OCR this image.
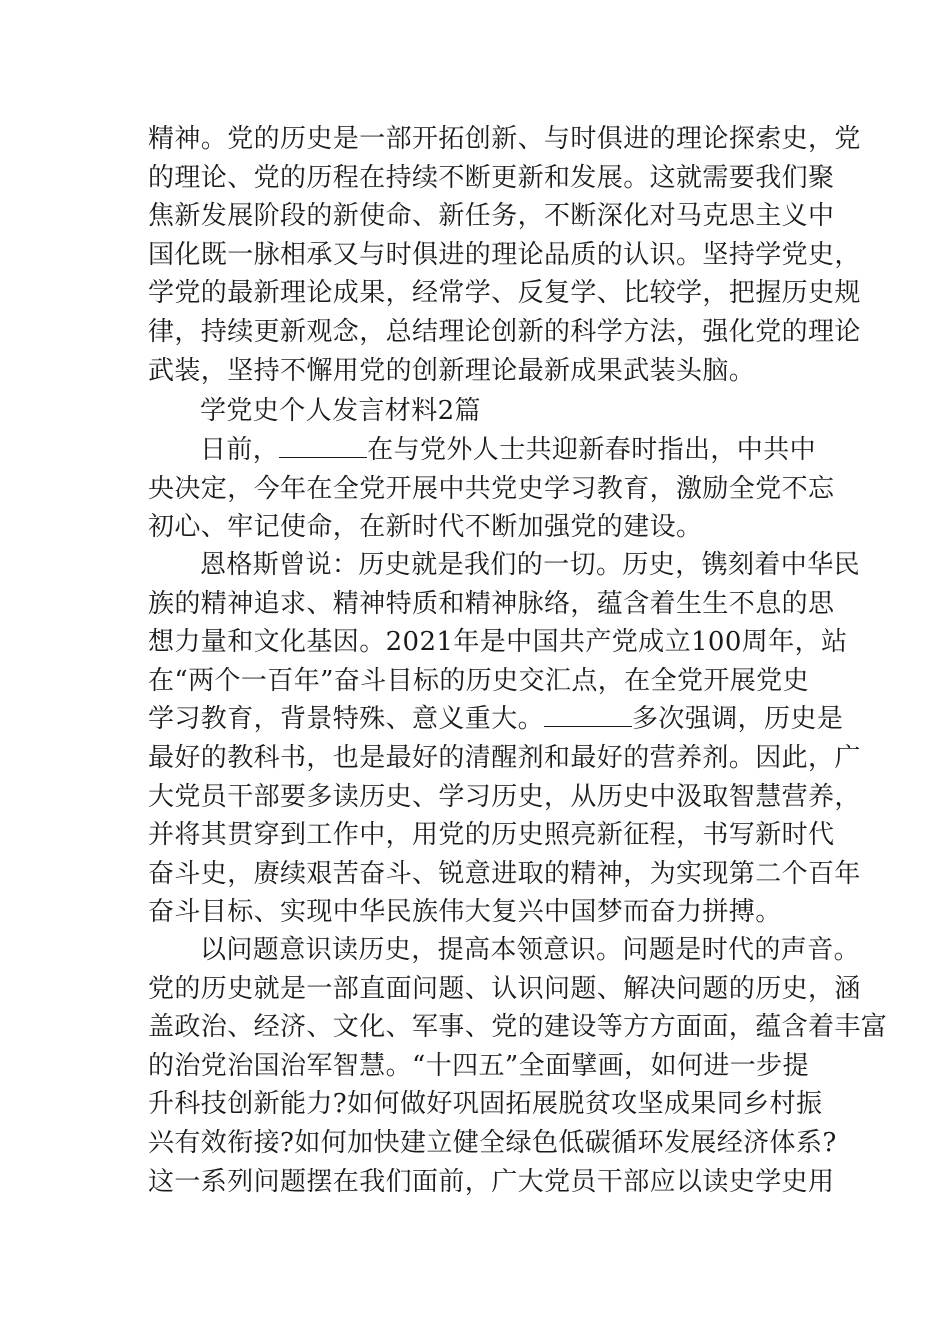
精神。党的历史是一部开拓创新、与时俱进的理论探索史，党
的理论、党的历程在持续不断更新和发展。这就需要我们聚
焦新发展阶段的新使命、新任务，不断深化对马克思主义中
国化既一脉相承又与时俱进的理论品质的认识。坚持学党史，
学党的最新理论成果，经常学、反复学、比较学，把握历史规
律，持续更新观念，总结理论创新的科学方法，强化党的理论
武装，坚持不懈用党的创新理论最新成果武装头脑。
学党史个人发言材料2篇
日前，	在与党外人士共迎新春时指出，中共中
央决定，今年在全党开展中共党史学习教育，激励全党不忘
初心、牢记使命，在新时代不断加强党的建设。
恩格斯曾说：历史就是我们的一切。历史，镌刻着中华民
族的精神追求、精神特质和精神脉络，蕴含着生生不息的思
想力量和文化基因。2021年是中国共产党成立100周年，站
在“两个一百年”奋斗目标的历史交汇点，在全党开展党史
学习教育，背景特殊、意义重大。	多次强调，历史是
最好的教科书，也是最好的清醒剂和最好的营养剂。因此，广
大党员干部要多读历史、学习历史，从历史中汲取智慧营养，
并将其贯穿到工作中，用党的历史照亮新征程，书写新时代
奋斗史，赓续艰苦奋斗、锐意进取的精神，为实现第二个百年
奋斗目标、实现中华民族伟大复兴中国梦而奋力拼搏。
以问题意识读历史，提高本领意识。问题是时代的声音。
党的历史就是一部直面问题、认识问题、解决问题的历史，涵
盖政治、经济、文化、军事、党的建设等方方面面，蕴含着丰富
的治党治国治军智慧。“十四五”全面擘画，如何进一步提
升科技创新能力?如何做好巩固拓展脱贫攻坚成果同乡村振
兴有效衔接?如何加快建立健全绿色低碳循环发展经济体系?
这一系列问题摆在我们面前，广大党员干部应以读史学史用
